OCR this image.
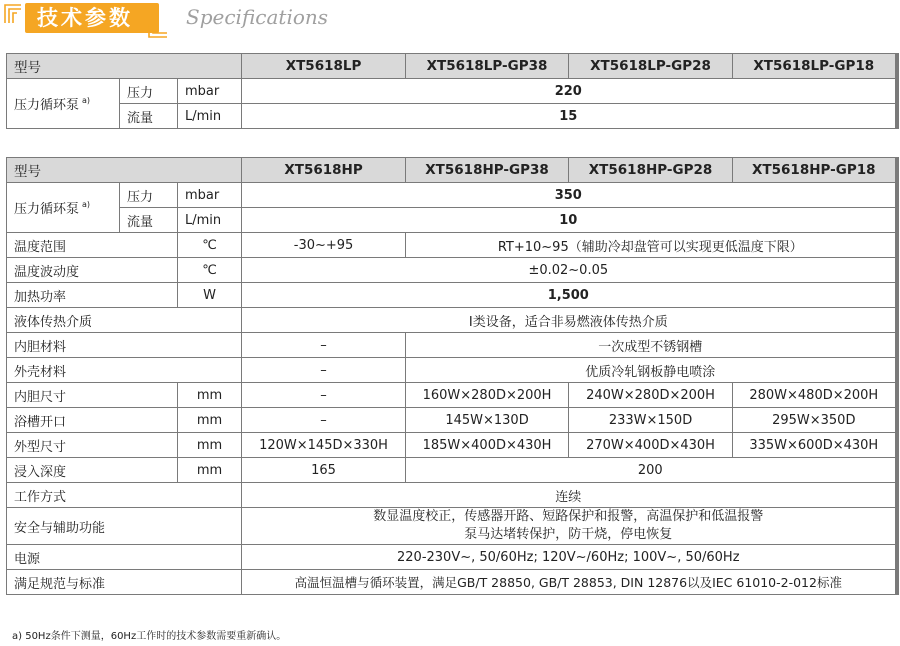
技术参数	Specifications
型号			XT5618LP	XT5618LP-GP38	XT5618LP-GP28	XT5618LP-GP18
压力循环泵 $^{a)}$	压力	mbar	220			
	流量	L/min	15			
型号			XT5618HP	XT5618HP-GP38	XT5618HP-GP28	XT5618HP-GP18
压力循环泵 $^{a)}$	压力	mbar	350			
	流量	L/min	10			
温度范围		℃	-30~+95	RT+10~95（辅助冷却盘管可以实现更低温度下限）		
温度波动度		℃	±0.02~0.05			
加热功率		W	1,500			
液体传热介质			I类设备，适合非易燃液体传热介质			
内胆材料			–	一次成型不锈钢槽		
外壳材料			–	优质冷轧钢板静电喷涂		
内胆尺寸		mm	–	160W×280D×200H	240W×280D×200H	280W×480D×200H
浴槽开口		mm	–	145W×130D	233W×150D	295W×350D
外型尺寸		mm	120W×145D×330H	185W×400D×430H	270W×400D×430H	335W×600D×430H
浸入深度		mm	165	200		
工作方式			连续			
安全与辅助功能			数显温度校正，传感器开路、短路保护和报警，高温保护和低温报警
泵马达堵转保护，防干烧，停电恢复			

电源			220-230V~, 50/60Hz; 120V~/60Hz; 100V~, 50/60Hz			
满足规范与标准			高温恒温槽与循环装置，满足GB/T 28850, GB/T 28853, DIN 12876以及IEC 61010-2-012标准			
a) 50Hz条件下测量，60Hz工作时的技术参数需要重新确认。
